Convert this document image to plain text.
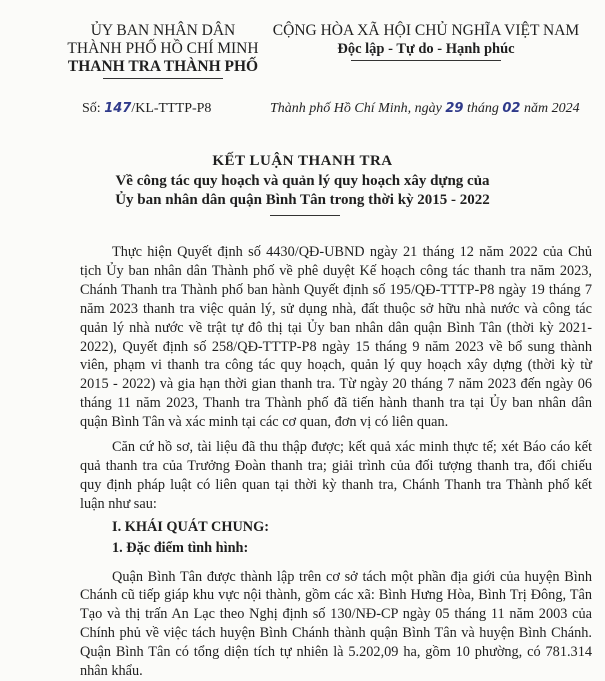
ỦY BAN NHÂN DÂN
THÀNH PHỐ HỒ CHÍ MINH
THANH TRA THÀNH PHỐ
CỘNG HÒA XÃ HỘI CHỦ NGHĨA VIỆT NAM
Độc lập - Tự do - Hạnh phúc
Số: 147/KL-TTTP-P8	Thành phố Hồ Chí Minh, ngày 29 tháng 02 năm 2024
KẾT LUẬN THANH TRA
Về công tác quy hoạch và quản lý quy hoạch xây dựng của
Ủy ban nhân dân quận Bình Tân trong thời kỳ 2015 - 2022

Thực hiện Quyết định số 4430/QĐ-UBND ngày 21 tháng 12 năm 2022 của Chủ tịch Ủy ban nhân dân Thành phố về phê duyệt Kế hoạch công tác thanh tra năm 2023, Chánh Thanh tra Thành phố ban hành Quyết định số 195/QĐ-TTTP-P8 ngày 19 tháng 7 năm 2023 thanh tra việc quản lý, sử dụng nhà, đất thuộc sở hữu nhà nước và công tác quản lý nhà nước về trật tự đô thị tại Ủy ban nhân dân quận Bình Tân (thời kỳ 2021-2022), Quyết định số 258/QĐ-TTTP-P8 ngày 15 tháng 9 năm 2023 về bổ sung thành viên, phạm vi thanh tra công tác quy hoạch, quản lý quy hoạch xây dựng (thời kỳ từ 2015 - 2022) và gia hạn thời gian thanh tra. Từ ngày 20 tháng 7 năm 2023 đến ngày 06 tháng 11 năm 2023, Thanh tra Thành phố đã tiến hành thanh tra tại Ủy ban nhân dân quận Bình Tân và xác minh tại các cơ quan, đơn vị có liên quan.

Căn cứ hồ sơ, tài liệu đã thu thập được; kết quả xác minh thực tế; xét Báo cáo kết quả thanh tra của Trưởng Đoàn thanh tra; giải trình của đối tượng thanh tra, đối chiếu quy định pháp luật có liên quan tại thời kỳ thanh tra, Chánh Thanh tra Thành phố kết luận như sau:

I. KHÁI QUÁT CHUNG:

1. Đặc điểm tình hình:

Quận Bình Tân được thành lập trên cơ sở tách một phần địa giới của huyện Bình Chánh cũ tiếp giáp khu vực nội thành, gồm các xã: Bình Hưng Hòa, Bình Trị Đông, Tân Tạo và thị trấn An Lạc theo Nghị định số 130/NĐ-CP ngày 05 tháng 11 năm 2003 của Chính phủ về việc tách huyện Bình Chánh thành quận Bình Tân và huyện Bình Chánh. Quận Bình Tân có tổng diện tích tự nhiên là 5.202,09 ha, gồm 10 phường, có 781.314 nhân khẩu.
